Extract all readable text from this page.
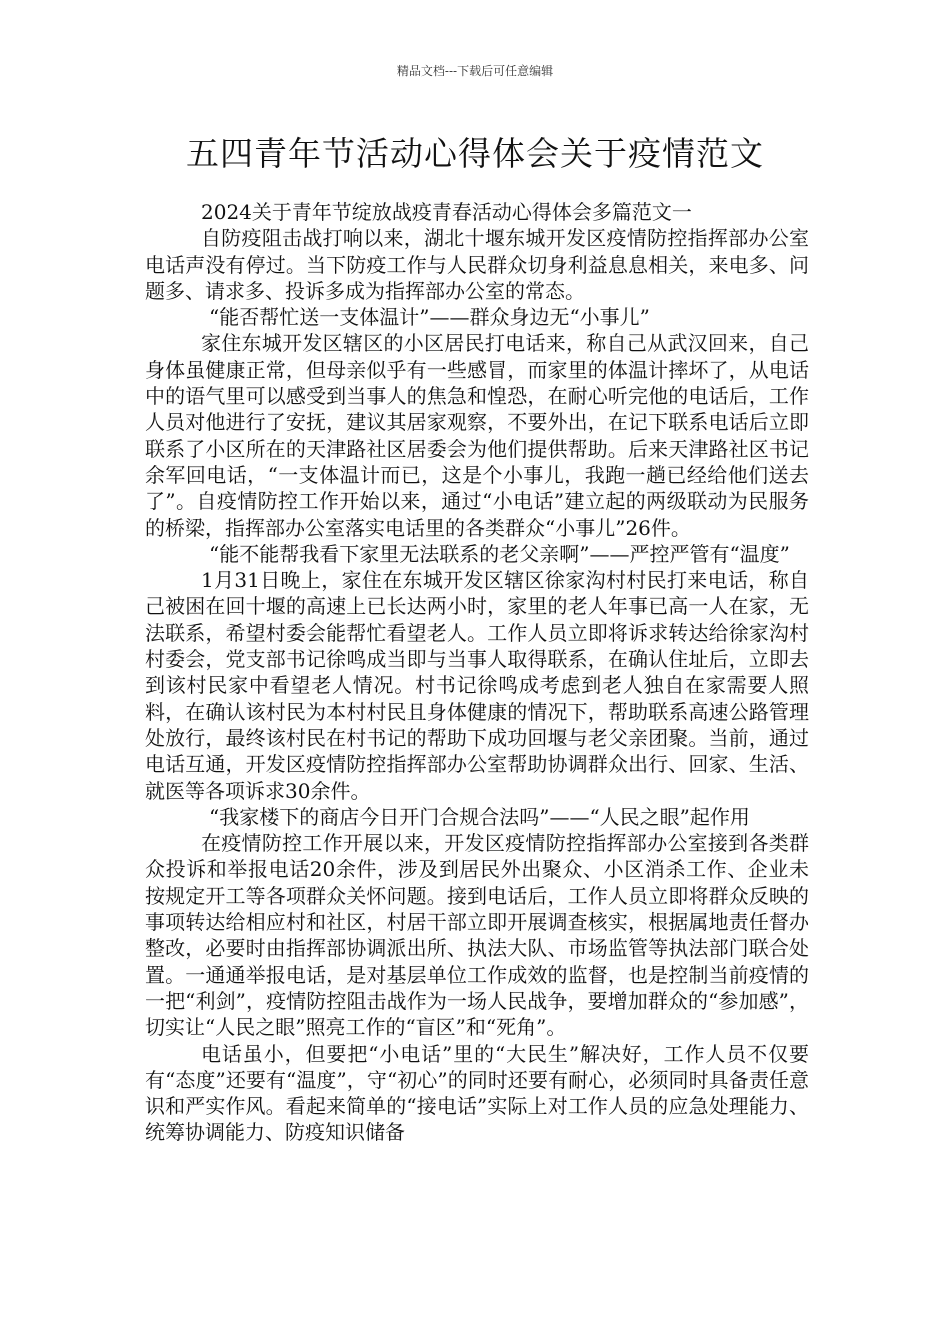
精品文档---下载后可任意编辑
五四青年节活动心得体会关于疫情范文

2024关于青年节绽放战疫青春活动心得体会多篇范文一

自防疫阻击战打响以来，湖北十堰东城开发区疫情防控指挥部办公室电话声没有停过。当下防疫工作与人民群众切身利益息息相关，来电多、问题多、请求多、投诉多成为指挥部办公室的常态。

“能否帮忙送一支体温计”——群众身边无“小事儿”

家住东城开发区辖区的小区居民打电话来，称自己从武汉回来，自己身体虽健康正常，但母亲似乎有一些感冒，而家里的体温计摔坏了，从电话中的语气里可以感受到当事人的焦急和惶恐，在耐心听完他的电话后，工作人员对他进行了安抚，建议其居家观察，不要外出，在记下联系电话后立即联系了小区所在的天津路社区居委会为他们提供帮助。后来天津路社区书记余军回电话，“一支体温计而已，这是个小事儿，我跑一趟已经给他们送去了”。自疫情防控工作开始以来，通过“小电话”建立起的两级联动为民服务的桥梁，指挥部办公室落实电话里的各类群众“小事儿”26件。

“能不能帮我看下家里无法联系的老父亲啊”——严控严管有“温度”

1月31日晚上，家住在东城开发区辖区徐家沟村村民打来电话，称自己被困在回十堰的高速上已长达两小时，家里的老人年事已高一人在家，无法联系，希望村委会能帮忙看望老人。工作人员立即将诉求转达给徐家沟村村委会，党支部书记徐鸣成当即与当事人取得联系，在确认住址后，立即去到该村民家中看望老人情况。村书记徐鸣成考虑到老人独自在家需要人照料，在确认该村民为本村村民且身体健康的情况下，帮助联系高速公路管理处放行，最终该村民在村书记的帮助下成功回堰与老父亲团聚。当前，通过电话互通，开发区疫情防控指挥部办公室帮助协调群众出行、回家、生活、就医等各项诉求30余件。

“我家楼下的商店今日开门合规合法吗”——“人民之眼”起作用

在疫情防控工作开展以来，开发区疫情防控指挥部办公室接到各类群众投诉和举报电话20余件，涉及到居民外出聚众、小区消杀工作、企业未按规定开工等各项群众关怀问题。接到电话后，工作人员立即将群众反映的事项转达给相应村和社区，村居干部立即开展调查核实，根据属地责任督办整改，必要时由指挥部协调派出所、执法大队、市场监管等执法部门联合处置。一通通举报电话，是对基层单位工作成效的监督，也是控制当前疫情的一把“利剑”，疫情防控阻击战作为一场人民战争，要增加群众的“参加感”，切实让“人民之眼”照亮工作的“盲区”和“死角”。

电话虽小，但要把“小电话”里的“大民生”解决好，工作人员不仅要有“态度”还要有“温度”，守“初心”的同时还要有耐心，必须同时具备责任意识和严实作风。看起来简单的“接电话”实际上对工作人员的应急处理能力、统筹协调能力、防疫知识储备
